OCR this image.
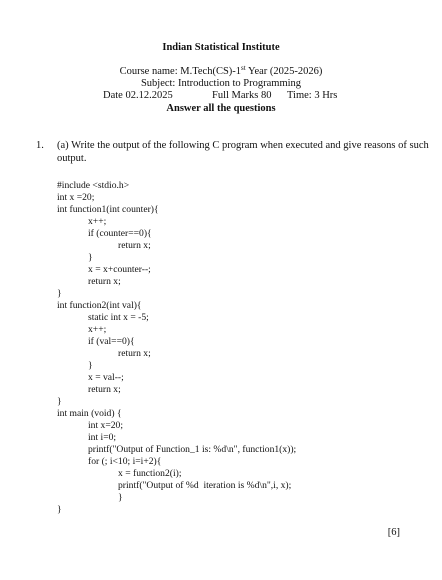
Indian Statistical Institute
Course name: M.Tech(CS)-1st Year (2025-2026)
Subject: Introduction to Programming
Date 02.12.2025	Full Marks 80 Time: 3 Hrs
Answer all the questions
1. (a) Write the output of the following C program when executed and give reasons of such
output.
#include <stdio.h>
int x =20;
int function1(int counter){
x++;
if (counter==0){
return x;
}
x = x+counter--;
return x;
}
int function2(int val){
static int x = -5;
x++;
if (val==0){
return x;
}
x = val--;
return x;
}
int main (void) {
int x=20;
int i=0;
printf("Output of Function_1 is: %d\n", function1(x));
for (; i<10; i=i+2){
x = function2(i);
printf("Output of %d  iteration is %d\n",i, x);
}
}
[6]
